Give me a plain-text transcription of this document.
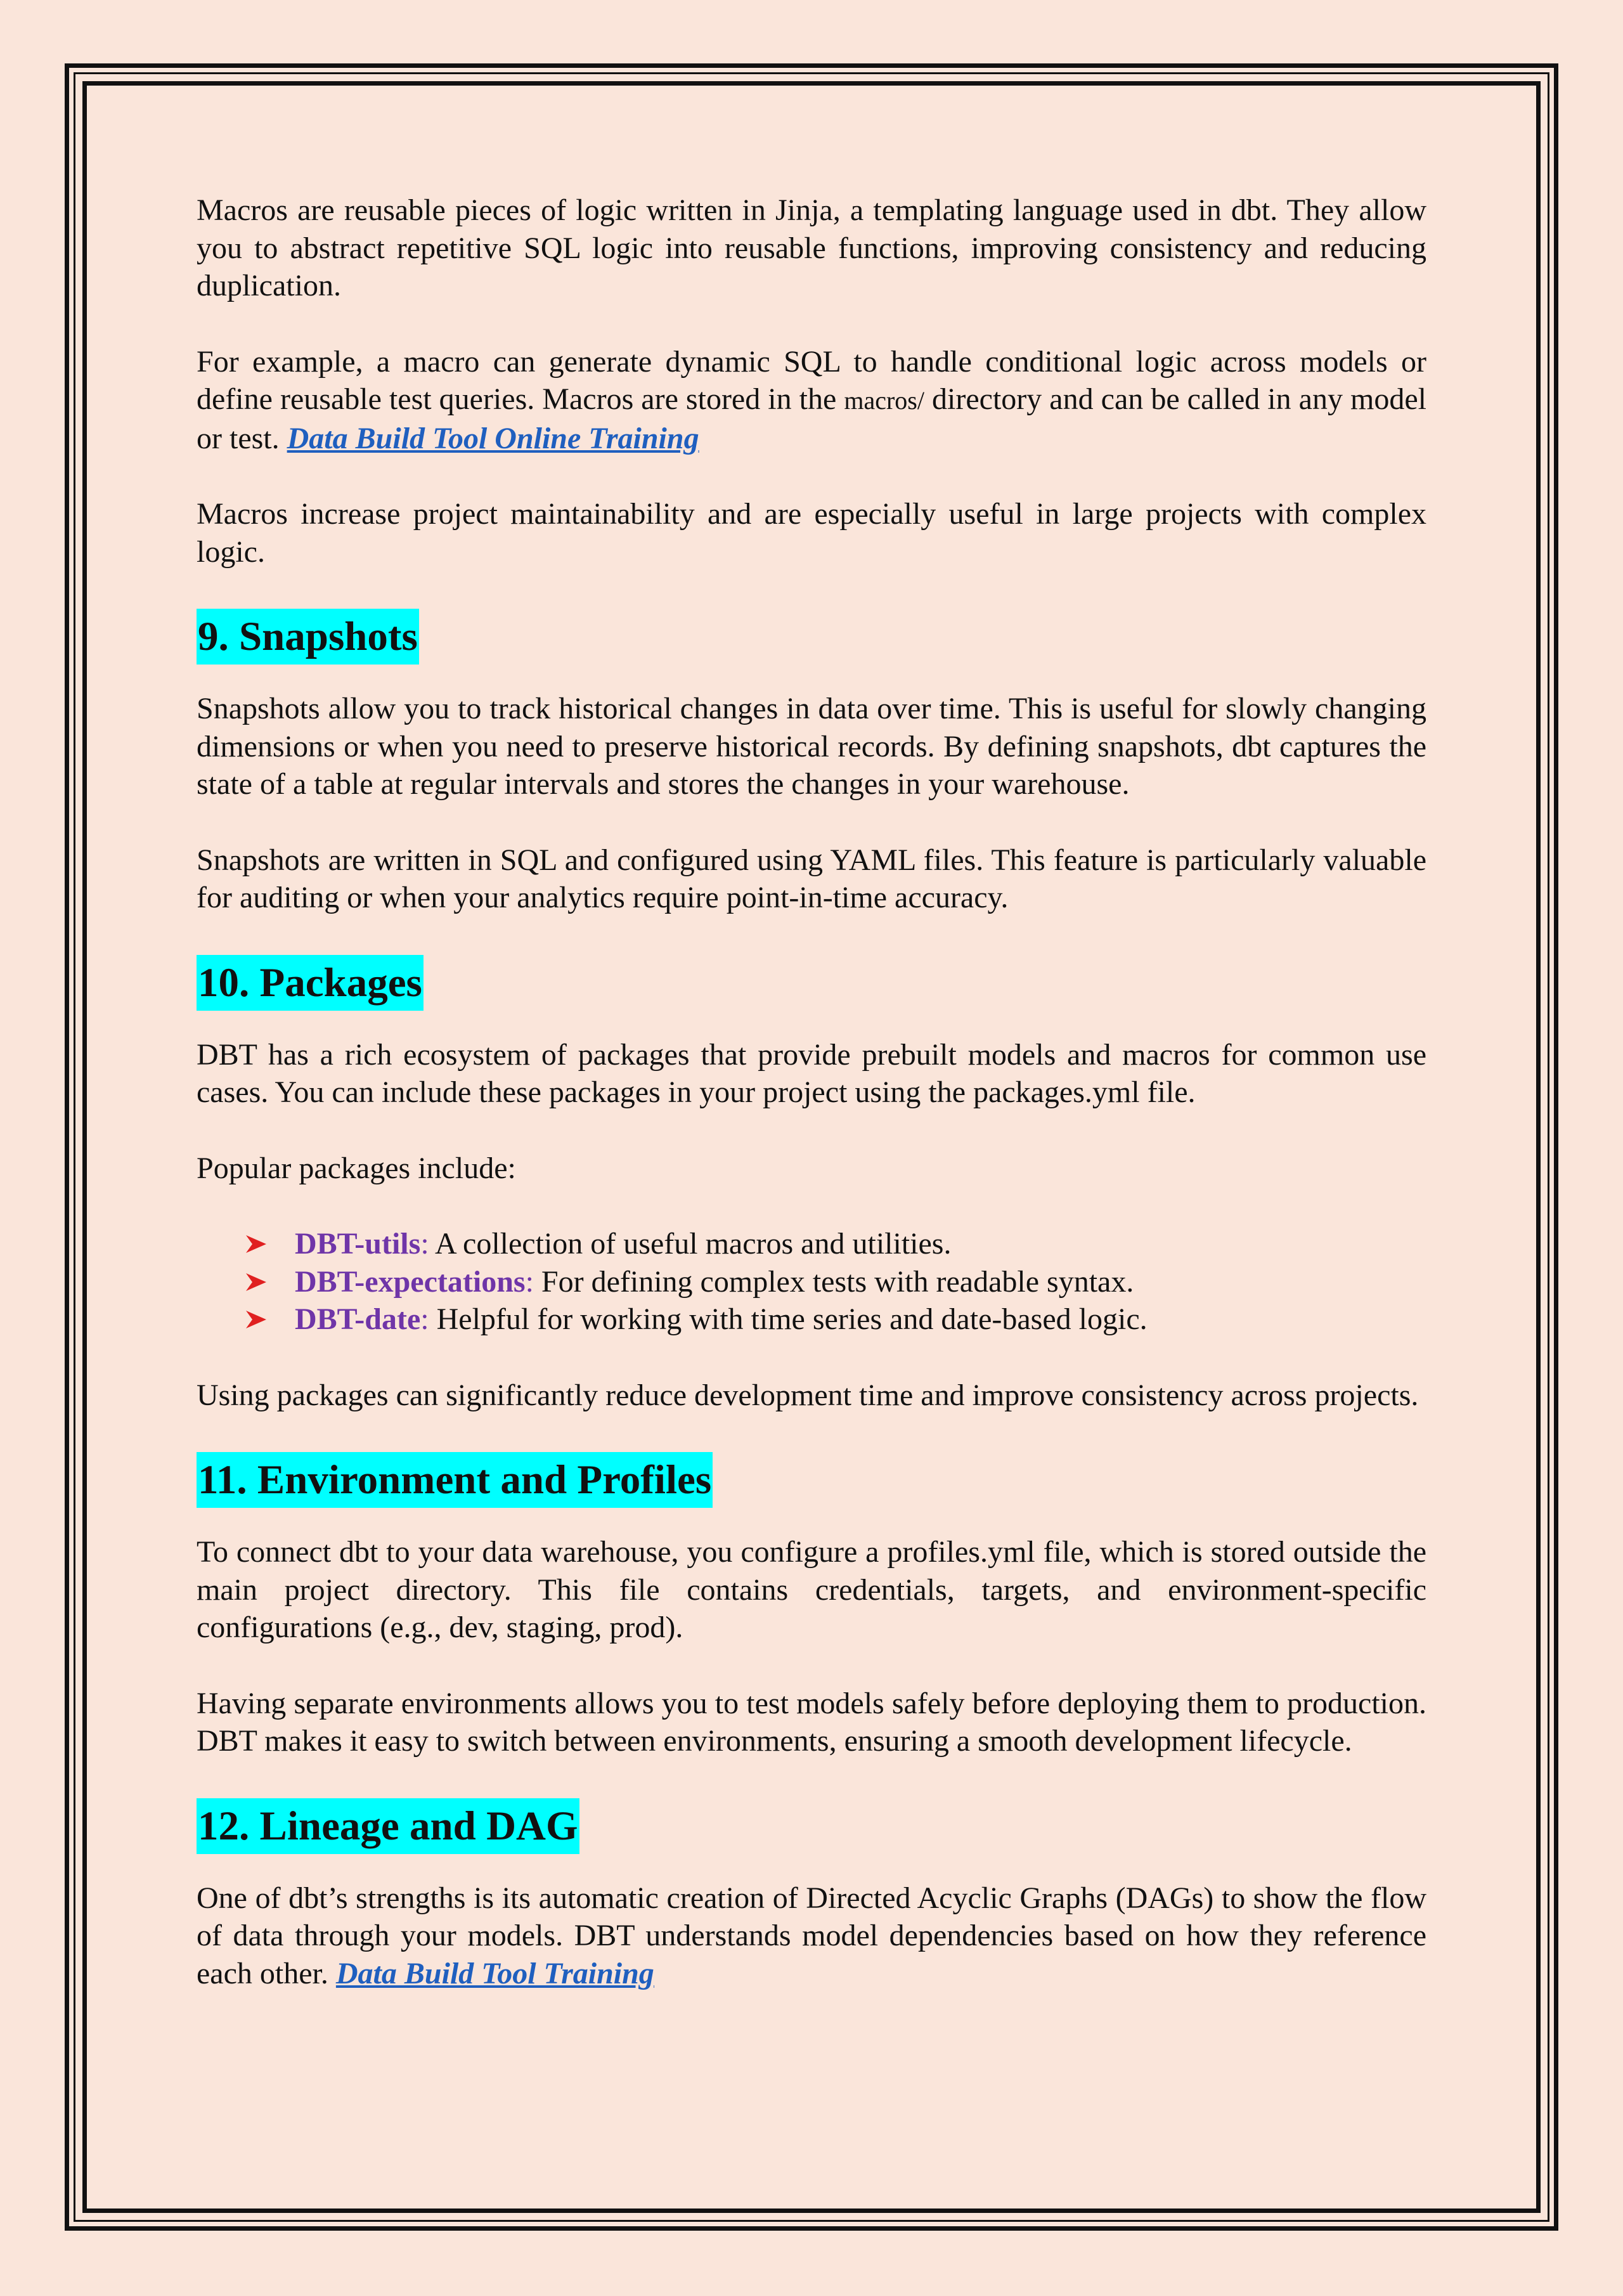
Macros are reusable pieces of logic written in Jinja, a templating language used in dbt. They allow you to abstract repetitive SQL logic into reusable functions, improving consistency and reducing duplication.

For example, a macro can generate dynamic SQL to handle conditional logic across models or define reusable test queries. Macros are stored in the macros/ directory and can be called in any model or test. Data Build Tool Online Training

Macros increase project maintainability and are especially useful in large projects with complex logic.

9. Snapshots

Snapshots allow you to track historical changes in data over time. This is useful for slowly changing dimensions or when you need to preserve historical records. By defining snapshots, dbt captures the state of a table at regular intervals and stores the changes in your warehouse.

Snapshots are written in SQL and configured using YAML files. This feature is particularly valuable for auditing or when your analytics require point-in-time accuracy.

10. Packages

DBT has a rich ecosystem of packages that provide prebuilt models and macros for common use cases. You can include these packages in your project using the packages.yml file.

Popular packages include:

DBT-utils: A collection of useful macros and utilities.
DBT-expectations: For defining complex tests with readable syntax.
DBT-date: Helpful for working with time series and date-based logic.

Using packages can significantly reduce development time and improve consistency across projects.

11. Environment and Profiles

To connect dbt to your data warehouse, you configure a profiles.yml file, which is stored outside the main project directory. This file contains credentials, targets, and environment-specific configurations (e.g., dev, staging, prod).

Having separate environments allows you to test models safely before deploying them to production. DBT makes it easy to switch between environments, ensuring a smooth development lifecycle.

12. Lineage and DAG

One of dbt’s strengths is its automatic creation of Directed Acyclic Graphs (DAGs) to show the flow of data through your models. DBT understands model dependencies based on how they reference each other. Data Build Tool Training
